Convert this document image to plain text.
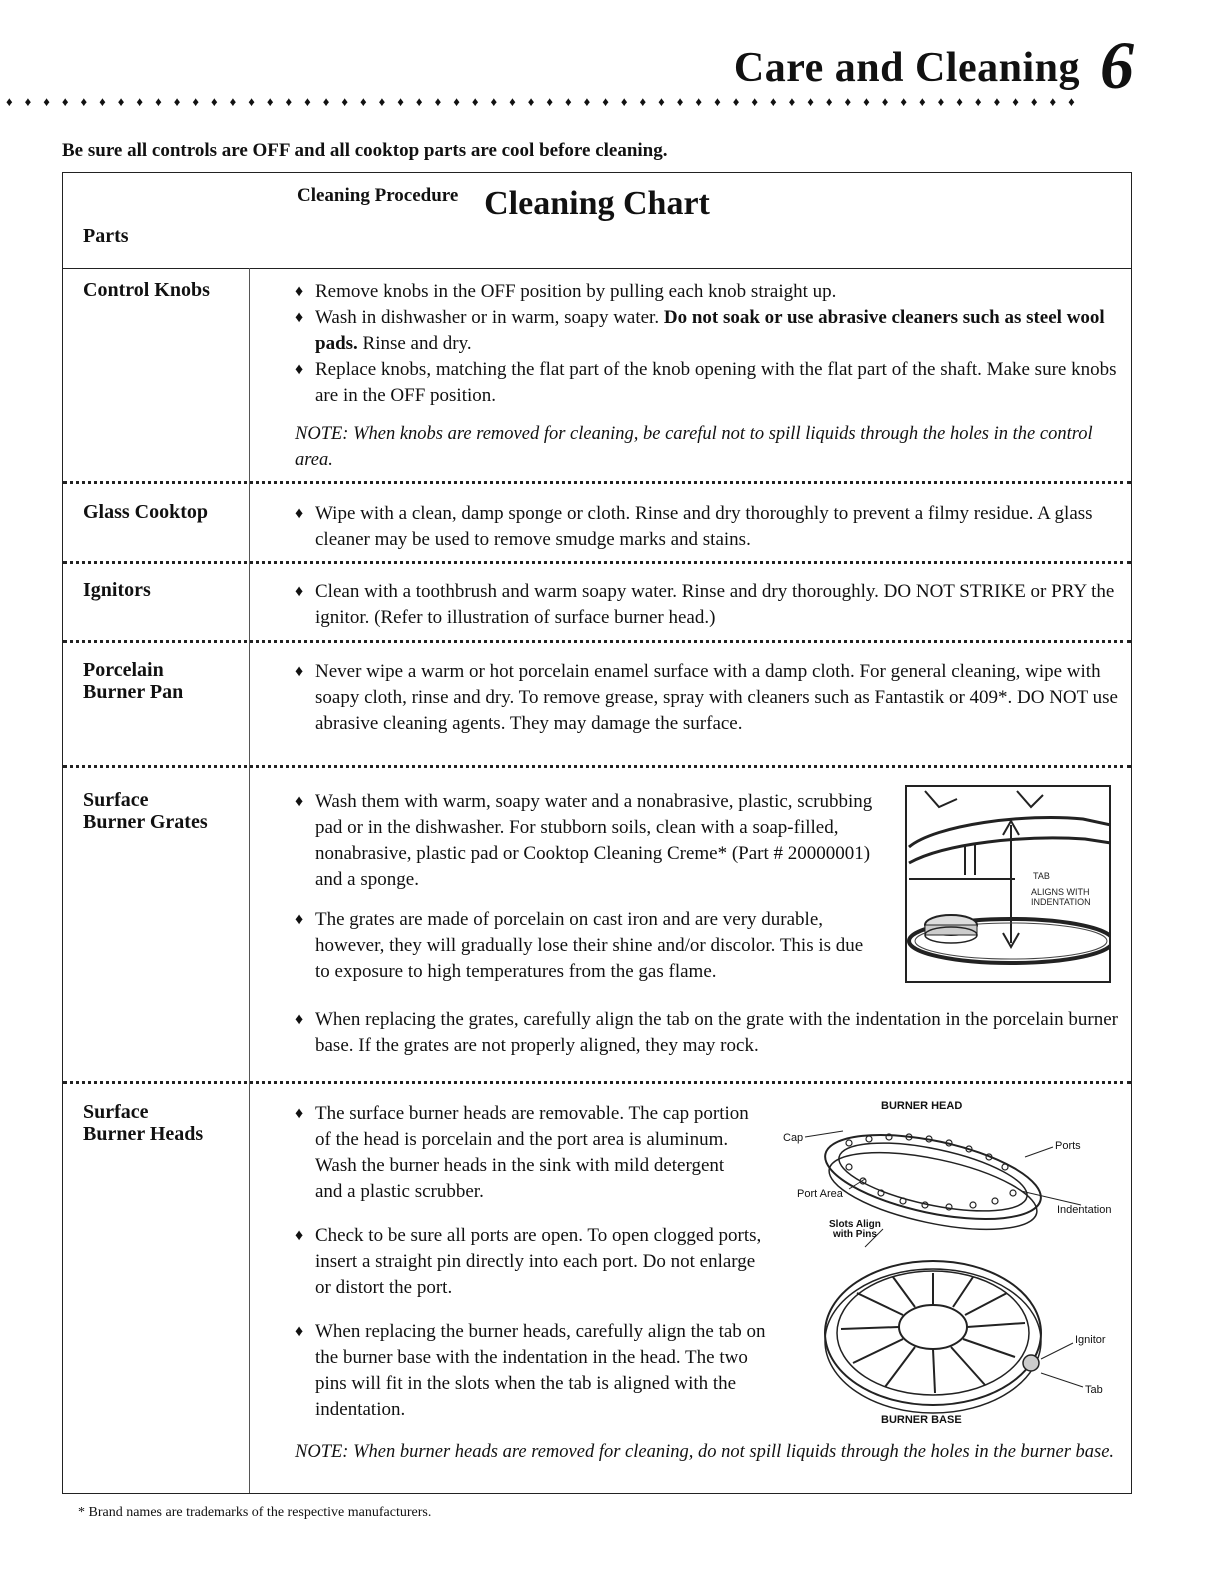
Care and Cleaning 6
♦♦♦♦♦♦♦♦♦♦♦♦♦♦♦♦♦♦♦♦♦♦♦♦♦♦♦♦♦♦♦♦♦♦♦♦♦♦♦♦♦♦♦♦♦♦♦♦♦♦♦♦♦♦♦♦♦♦
Be sure all controls are OFF and all cooktop parts are cool before cleaning.
Cleaning Chart
Parts
Cleaning Procedure
Control Knobs	♦ Remove knobs in the OFF position by pulling each knob straight up.
♦ Wash in dishwasher or in warm, soapy water. Do not soak or use abrasive cleaners such as steel wool pads. Rinse and dry.
♦ Replace knobs, matching the flat part of the knob opening with the flat part of the shaft. Make sure knobs are in the OFF position.
NOTE: When knobs are removed for cleaning, be careful not to spill liquids through the holes in the control area.
Glass Cooktop	♦ Wipe with a clean, damp sponge or cloth. Rinse and dry thoroughly to prevent a filmy residue. A glass cleaner may be used to remove smudge marks and stains.
Ignitors	♦ Clean with a toothbrush and warm soapy water. Rinse and dry thoroughly. DO NOT STRIKE or PRY the ignitor. (Refer to illustration of surface burner head.)
Porcelain
Burner Pan
♦ Never wipe a warm or hot porcelain enamel surface with a damp cloth. For general cleaning, wipe with soapy cloth, rinse and dry. To remove grease, spray with cleaners such as Fantastik or 409*. DO NOT use abrasive cleaning agents. They may damage the surface.
Surface
Burner Grates
♦ Wash them with warm, soapy water and a nonabrasive, plastic, scrubbing pad or in the dishwasher. For stubborn soils, clean with a soap-filled, nonabrasive, plastic pad or Cooktop Cleaning Creme* (Part # 20000001) and a sponge.
♦ The grates are made of porcelain on cast iron and are very durable, however, they will gradually lose their shine and/or discolor. This is due to exposure to high temperatures from the gas flame.
♦ When replacing the grates, carefully align the tab on the grate with the indentation in the porcelain burner base. If the grates are not properly aligned, they may rock.
TAB
ALIGNS WITH
INDENTATION
Surface
Burner Heads
♦ The surface burner heads are removable. The cap portion of the head is porcelain and the port area is aluminum. Wash the burner heads in the sink with mild detergent and a plastic scrubber.
♦ Check to be sure all ports are open. To open clogged ports, insert a straight pin directly into each port. Do not enlarge or distort the port.
♦ When replacing the burner heads, carefully align the tab on the burner base with the indentation in the head. The two pins will fit in the slots when the tab is aligned with the indentation.
NOTE: When burner heads are removed for cleaning, do not spill liquids through the holes in the burner base.
BURNER HEAD
Cap
Ports
Port Area
Indentation
Slots Align
with Pins
Ignitor
Tab
BURNER BASE
* Brand names are trademarks of the respective manufacturers.
